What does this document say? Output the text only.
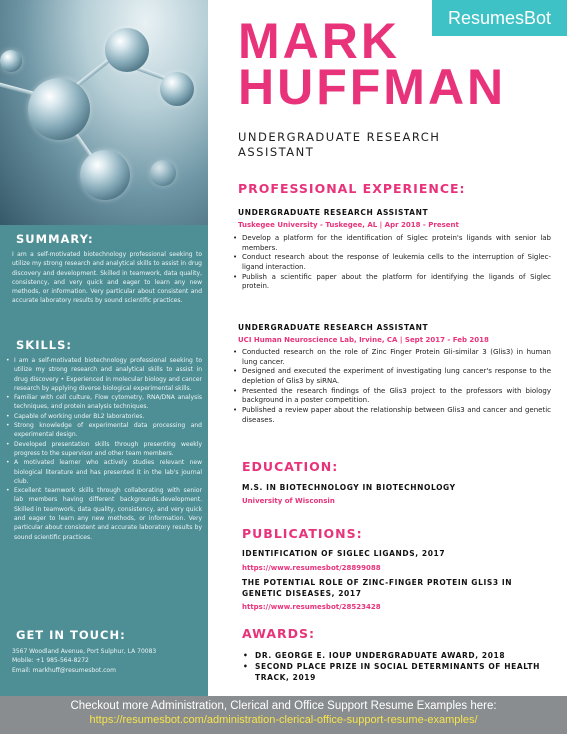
SUMMARY:
I am a self-motivated biotechnology professional seeking to utilize my strong research and analytical skills to assist in drug discovery and development. Skilled in teamwork, data quality, consistency, and very quick and eager to learn any new methods, or information. Very particular about consistent and accurate laboratory results by sound scientific practices.
SKILLS:
• I am a self-motivated biotechnology professional seeking to utilize my strong research and analytical skills to assist in drug discovery • Experienced in molecular biology and cancer research by applying diverse biological experimental skills.
• Familiar with cell culture, Flow cytometry, RNA/DNA analysis techniques, and protein analysis techniques.
• Capable of working under BL2 laboratories.
• Strong knowledge of experimental data processing and experimental design.
• Developed presentation skills through presenting weekly progress to the supervisor and other team members.
• A motivated learner who actively studies relevant new biological literature and has presented it in the lab's journal club.
• Excellent teamwork skills through collaborating with senior lab members having different backgrounds.development. Skilled in teamwork, data quality, consistency, and very quick and eager to learn any new methods, or information. Very particular about consistent and accurate laboratory results by sound scientific practices.
GET IN TOUCH:
3567 Woodland Avenue, Port Sulphur, LA 70083
Mobile: +1 985-564-8272
Email: markhuff@resumesbot.com
ResumesBot
MARK
HUFFMAN
UNDERGRADUATE RESEARCH ASSISTANT
PROFESSIONAL EXPERIENCE:
UNDERGRADUATE RESEARCH ASSISTANT
Tuskegee University - Tuskegee, AL | Apr 2018 - Present
• Develop a platform for the identification of Siglec protein's ligands with senior lab members.
• Conduct research about the response of leukemia cells to the interruption of Siglec-ligand interaction.
• Publish a scientific paper about the platform for identifying the ligands of Siglec protein.
UNDERGRADUATE RESEARCH ASSISTANT
UCI Human Neuroscience Lab, Irvine, CA | Sept 2017 - Feb 2018
• Conducted research on the role of Zinc Finger Protein Gli-similar 3 (Glis3) in human lung cancer.
• Designed and executed the experiment of investigating lung cancer's response to the depletion of Glis3 by siRNA.
• Presented the research findings of the Glis3 project to the professors with biology background in a poster competition.
• Published a review paper about the relationship between Glis3 and cancer and genetic diseases.
EDUCATION:
M.S. IN BIOTECHNOLOGY IN BIOTECHNOLOGY
University of Wisconsin
PUBLICATIONS:
IDENTIFICATION OF SIGLEC LIGANDS, 2017
https://www.resumesbot/28899088
THE POTENTIAL ROLE OF ZINC-FINGER PROTEIN GLIS3 IN GENETIC DISEASES, 2017
https://www.resumesbot/28523428
AWARDS:
• DR. GEORGE E. IOUP UNDERGRADUATE AWARD, 2018
• SECOND PLACE PRIZE IN SOCIAL DETERMINANTS OF HEALTH TRACK, 2019
Checkout more Administration, Clerical and Office Support Resume Examples here:
https://resumesbot.com/administration-clerical-office-support-resume-examples/
